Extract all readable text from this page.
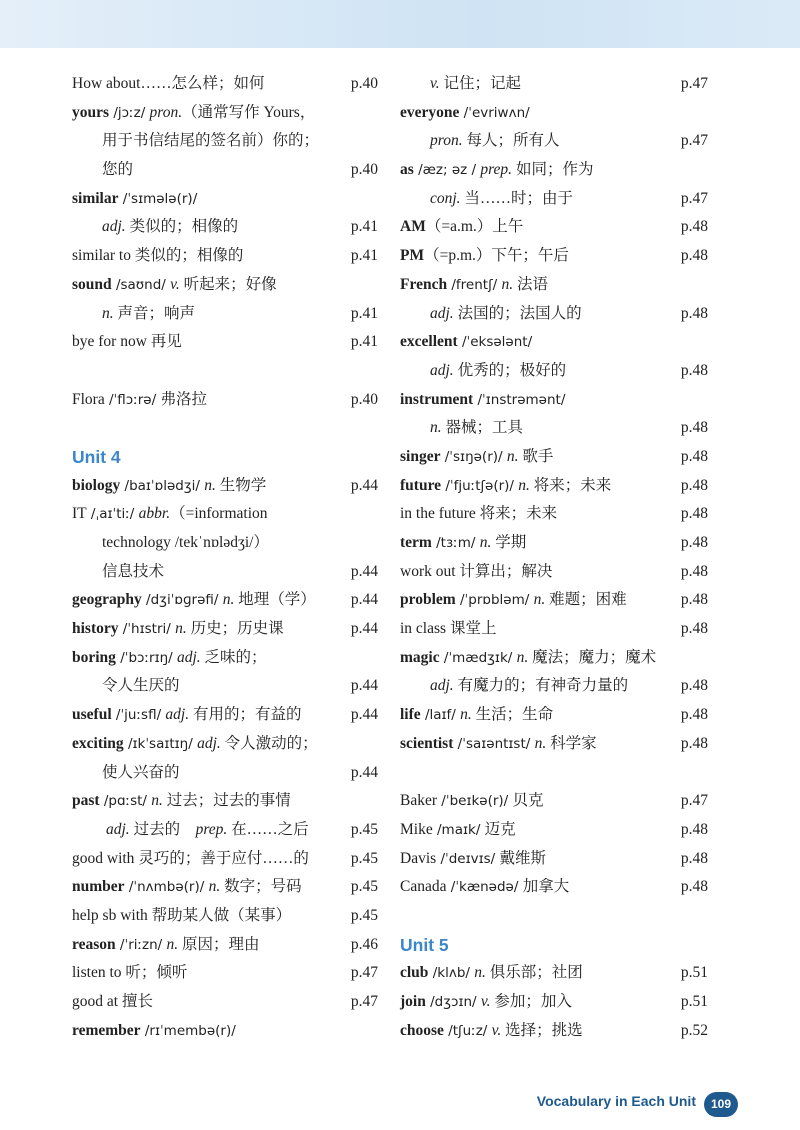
How about……怎么样；如何	p.40
yours /jɔːz/ pron.（通常写作 Yours，
用于书信结尾的签名前）你的；
您的	p.40
similar /ˈsɪmələ(r)/
adj. 类似的；相像的	p.41
similar to 类似的；相像的	p.41
sound /saʊnd/ v. 听起来；好像
n. 声音；响声	p.41
bye for now 再见	p.41
Flora /ˈflɔːrə/ 弗洛拉	p.40
Unit 4
biology /baɪˈɒlədʒi/ n. 生物学	p.44
IT /ˌaɪˈtiː/ abbr.（=information
technology /tekˈnɒlədʒi/）
信息技术	p.44
geography /dʒiˈɒɡrəfi/ n. 地理（学） p.44
history /ˈhɪstri/ n. 历史；历史课	p.44
boring /ˈbɔːrɪŋ/ adj. 乏味的；
令人生厌的	p.44
useful /ˈjuːsfl/ adj. 有用的；有益的	p.44
exciting /ɪkˈsaɪtɪŋ/ adj. 令人激动的；
使人兴奋的	p.44
past /pɑːst/ n. 过去；过去的事情
adj. 过去的　prep. 在……之后	p.45
good with 灵巧的；善于应付……的	p.45
number /ˈnʌmbə(r)/ n. 数字；号码	p.45
help sb with 帮助某人做（某事）	p.45
reason /ˈriːzn/ n. 原因；理由	p.46
listen to 听；倾听	p.47
good at 擅长	p.47
remember /rɪˈmembə(r)/
v. 记住；记起	p.47
everyone /ˈevriwʌn/
pron. 每人；所有人	p.47
as /æz; əz / prep. 如同；作为
conj. 当……时；由于	p.47
AM（=a.m.）上午	p.48
PM（=p.m.）下午；午后	p.48
French /frentʃ/ n. 法语
adj. 法国的；法国人的	p.48
excellent /ˈeksələnt/
adj. 优秀的；极好的	p.48
instrument /ˈɪnstrəmənt/
n. 器械；工具	p.48
singer /ˈsɪŋə(r)/ n. 歌手	p.48
future /ˈfjuːtʃə(r)/ n. 将来；未来	p.48
in the future 将来；未来	p.48
term /tɜːm/ n. 学期	p.48
work out 计算出；解决	p.48
problem /ˈprɒbləm/ n. 难题；困难	p.48
in class 课堂上	p.48
magic /ˈmædʒɪk/ n. 魔法；魔力；魔术
adj. 有魔力的；有神奇力量的	p.48
life /laɪf/ n. 生活；生命	p.48
scientist /ˈsaɪəntɪst/ n. 科学家	p.48
Baker /ˈbeɪkə(r)/ 贝克	p.47
Mike /maɪk/ 迈克	p.48
Davis /ˈdeɪvɪs/ 戴维斯	p.48
Canada /ˈkænədə/ 加拿大	p.48
Unit 5
club /klʌb/ n. 俱乐部；社团	p.51
join /dʒɔɪn/ v. 参加；加入	p.51
choose /tʃuːz/ v. 选择；挑选	p.52
Vocabulary in Each Unit	109
